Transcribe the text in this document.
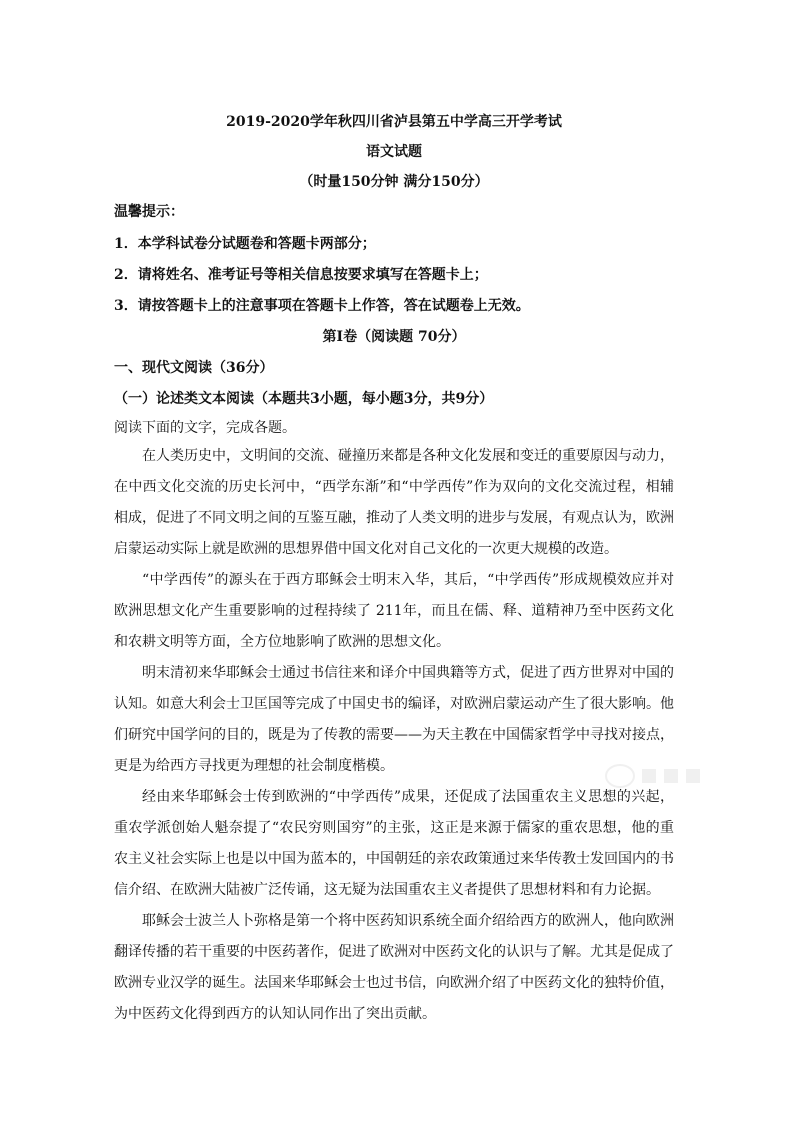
2019-2020学年秋四川省泸县第五中学高三开学考试
语文试题
（时量150分钟 满分150分）
温馨提示：
1．本学科试卷分试题卷和答题卡两部分；
2．请将姓名、准考证号等相关信息按要求填写在答题卡上；
3．请按答题卡上的注意事项在答题卡上作答，答在试题卷上无效。
第Ⅰ卷（阅读题 70分）
一、现代文阅读（36分）
（一）论述类文本阅读（本题共3小题，每小题3分，共9分）
阅读下面的文字，完成各题。

在人类历史中，文明间的交流、碰撞历来都是各种文化发展和变迁的重要原因与动力，在中西文化交流的历史长河中，“西学东渐”和“中学西传”作为双向的文化交流过程，相辅相成，促进了不同文明之间的互鉴互融，推动了人类文明的进步与发展，有观点认为，欧洲启蒙运动实际上就是欧洲的思想界借中国文化对自己文化的一次更大规模的改造。

“中学西传”的源头在于西方耶稣会士明末入华，其后，“中学西传”形成规模效应并对欧洲思想文化产生重要影响的过程持续了 211年，而且在儒、释、道精神乃至中医药文化和农耕文明等方面，全方位地影响了欧洲的思想文化。

明末清初来华耶稣会士通过书信往来和译介中国典籍等方式，促进了西方世界对中国的认知。如意大利会士卫匡国等完成了中国史书的编译，对欧洲启蒙运动产生了很大影响。他们研究中国学问的目的，既是为了传教的需要——为天主教在中国儒家哲学中寻找对接点，更是为给西方寻找更为理想的社会制度楷模。

经由来华耶稣会士传到欧洲的“中学西传”成果，还促成了法国重农主义思想的兴起，重农学派创始人魁奈提了“农民穷则国穷”的主张，这正是来源于儒家的重农思想，他的重农主义社会实际上也是以中国为蓝本的，中国朝廷的亲农政策通过来华传教士发回国内的书信介绍、在欧洲大陆被广泛传诵，这无疑为法国重农主义者提供了思想材料和有力论据。

耶稣会士波兰人卜弥格是第一个将中医药知识系统全面介绍给西方的欧洲人，他向欧洲翻译传播的若干重要的中医药著作，促进了欧洲对中医药文化的认识与了解。尤其是促成了欧洲专业汉学的诞生。法国来华耶稣会士也过书信，向欧洲介绍了中医药文化的独特价值，为中医药文化得到西方的认知认同作出了突出贡献。
